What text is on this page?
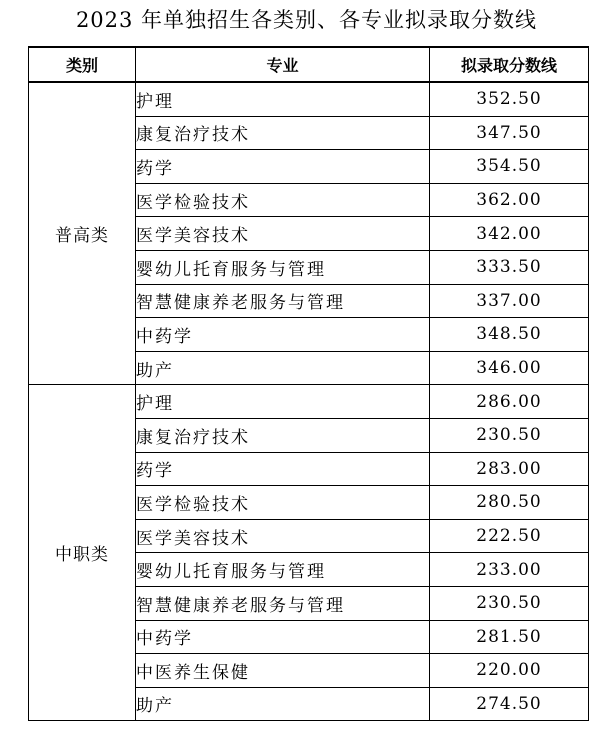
2023 年单独招生各类别、各专业拟录取分数线
类别	专业	拟录取分数线
普高类	护理	352.50
	康复治疗技术	347.50
	药学	354.50
	医学检验技术	362.00
	医学美容技术	342.00
	婴幼儿托育服务与管理	333.50
	智慧健康养老服务与管理	337.00
	中药学	348.50
	助产	346.00
中职类	护理	286.00
	康复治疗技术	230.50
	药学	283.00
	医学检验技术	280.50
	医学美容技术	222.50
	婴幼儿托育服务与管理	233.00
	智慧健康养老服务与管理	230.50
	中药学	281.50
	中医养生保健	220.00
	助产	274.50
